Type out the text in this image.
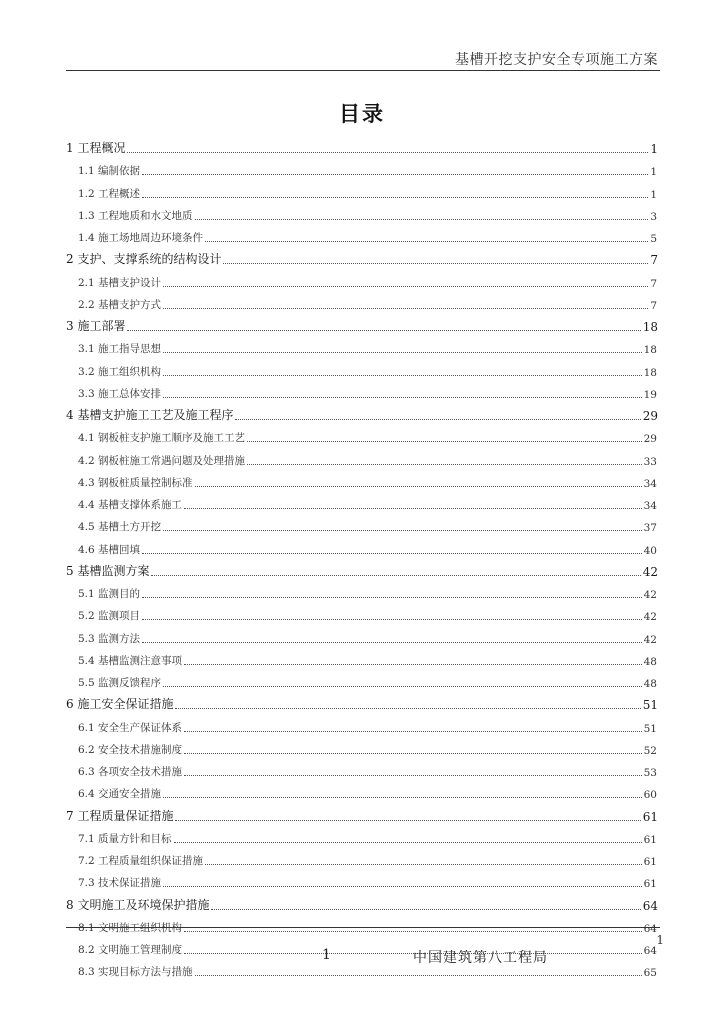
基槽开挖支护安全专项施工方案
目录
1 工程概况	1
1.1 编制依据	1
1.2 工程概述	1
1.3 工程地质和水文地质	3
1.4 施工场地周边环境条件	5
2 支护、支撑系统的结构设计	7
2.1 基槽支护设计	7
2.2 基槽支护方式	7
3 施工部署	18
3.1 施工指导思想	18
3.2 施工组织机构	18
3.3 施工总体安排	19
4 基槽支护施工工艺及施工程序	29
4.1 钢板桩支护施工顺序及施工工艺	29
4.2 钢板桩施工常遇问题及处理措施	33
4.3 钢板桩质量控制标准	34
4.4 基槽支撑体系施工	34
4.5 基槽土方开挖	37
4.6 基槽回填	40
5 基槽监测方案	42
5.1 监测目的	42
5.2 监测项目	42
5.3 监测方法	42
5.4 基槽监测注意事项	48
5.5 监测反馈程序	48
6 施工安全保证措施	51
6.1 安全生产保证体系	51
6.2 安全技术措施制度	52
6.3 各项安全技术措施	53
6.4 交通安全措施	60
7 工程质量保证措施	61
7.1 质量方针和目标	61
7.2 工程质量组织保证措施	61
7.3 技术保证措施	61
8 文明施工及环境保护措施	64
8.1 文明施工组织机构	64
8.2 文明施工管理制度	64
8.3 实现目标方法与措施	65
1
1	中国建筑第八工程局
